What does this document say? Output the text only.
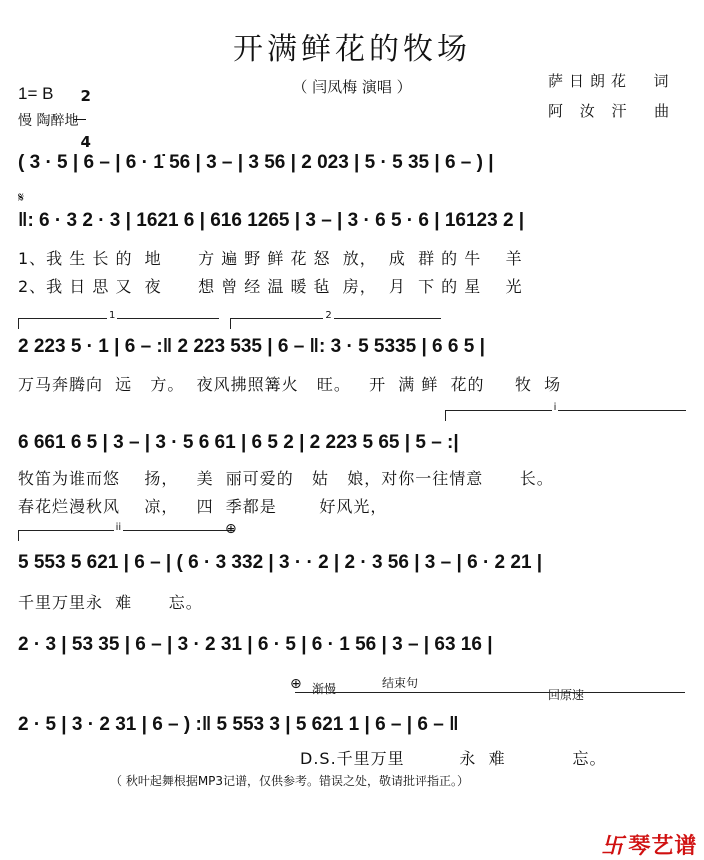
开满鲜花的牧场
（ 闫凤梅 演唱 ）	萨日朗花  词
阿 汝 汗  曲
1= B	2

4

慢 陶醉地
( 3 · 5 | 6 – | 6 · 1̇ 56 | 3 – | 3 56 | 2 023 | 5 · 5 35 | 6 – ) |
𝄋
‖: 6 · 3 2 · 3 | 1621 6 | 616 1265 | 3 – | 3 · 6 5 · 6 | 16123 2 |
1、我 生 长 的  地      方 遍 野 鲜 花 怒  放，  成  群 的 牛    羊
2、我 日 思 又  夜      想 曾 经 温 暖 毡  房，  月  下 的 星    光
1	2
2 223 5 · 1 | 6 – :‖ 2 223 535 | 6 – ‖: 3 · 5 5335 | 6 6 5 |
万马奔腾向  远   方。  夜风拂照篝火   旺。   开  满 鲜  花的     牧  场
i
6 661 6 5 | 3 – | 3 · 5 6 61 | 6 5 2 | 2 223 5 65 | 5 – :|
牧笛为谁而悠    扬，   美  丽可爱的   姑   娘，对你一往情意      长。
春花烂漫秋风    凉，   四  季都是       好风光，
ii	⊕
5 553 5 621 | 6 – | ( 6 · 3 332 | 3 · · 2 | 2 · 3 56 | 3 – | 6 · 2 21 |
千里万里永  难      忘。
2 · 3 | 53 35 | 6 – | 3 · 2 31 | 6 · 5 | 6 · 1 56 | 3 – | 63 16 |
⊕ 渐慢	结束句
回原速
2 · 5 | 3 · 2 31 | 6 – ) :‖ 5 553 3 | 5 621 1 | 6 – | 6 – ‖
D.S.千里万里         永  难           忘。
（ 秋叶起舞根据MP3记谱，仅供参考。错误之处，敬请批评指正。）

卐 琴艺谱
